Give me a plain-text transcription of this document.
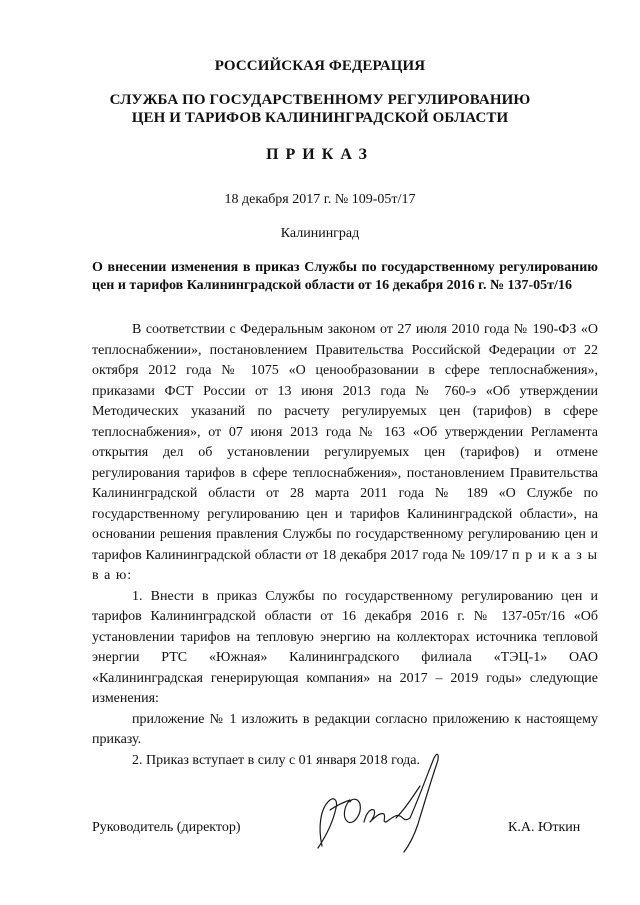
РОССИЙСКАЯ ФЕДЕРАЦИЯ
СЛУЖБА ПО ГОСУДАРСТВЕННОМУ РЕГУЛИРОВАНИЮ
ЦЕН И ТАРИФОВ КАЛИНИНГРАДСКОЙ ОБЛАСТИ
ПРИКАЗ
18 декабря 2017 г. № 109-05т/17
Калининград
О внесении изменения в приказ Службы по государственному регулированию цен и тарифов Калининградской области от 16 декабря 2016 г. № 137-05т/16

В соответствии с Федеральным законом от 27 июля 2010 года № 190-ФЗ «О теплоснабжении», постановлением Правительства Российской Федерации от 22 октября 2012 года № 1075 «О ценообразовании в сфере теплоснабжения», приказами ФСТ России от 13 июня 2013 года № 760-э «Об утверждении Методических указаний по расчету регулируемых цен (тарифов) в сфере теплоснабжения», от 07 июня 2013 года № 163 «Об утверждении Регламента открытия дел об установлении регулируемых цен (тарифов) и отмене регулирования тарифов в сфере теплоснабжения», постановлением Правительства Калининградской области от 28 марта 2011 года № 189 «О Службе по государственному регулированию цен и тарифов Калининградской области», на основании решения правления Службы по государственному регулированию цен и тарифов Калининградской области от 18 декабря 2017 года № 109/17 п р и к а з ы в а ю:

1. Внести в приказ Службы по государственному регулированию цен и тарифов Калининградской области от 16 декабря 2016 г. № 137-05т/16 «Об установлении тарифов на тепловую энергию на коллекторах источника тепловой энергии РТС «Южная» Калининградского филиала «ТЭЦ-1» ОАО «Калининградская генерирующая компания» на 2017 – 2019 годы» следующие изменения:

приложение № 1 изложить в редакции согласно приложению к настоящему приказу.

2. Приказ вступает в силу с 01 января 2018 года.

Руководитель (директор)	К.А. Юткин
